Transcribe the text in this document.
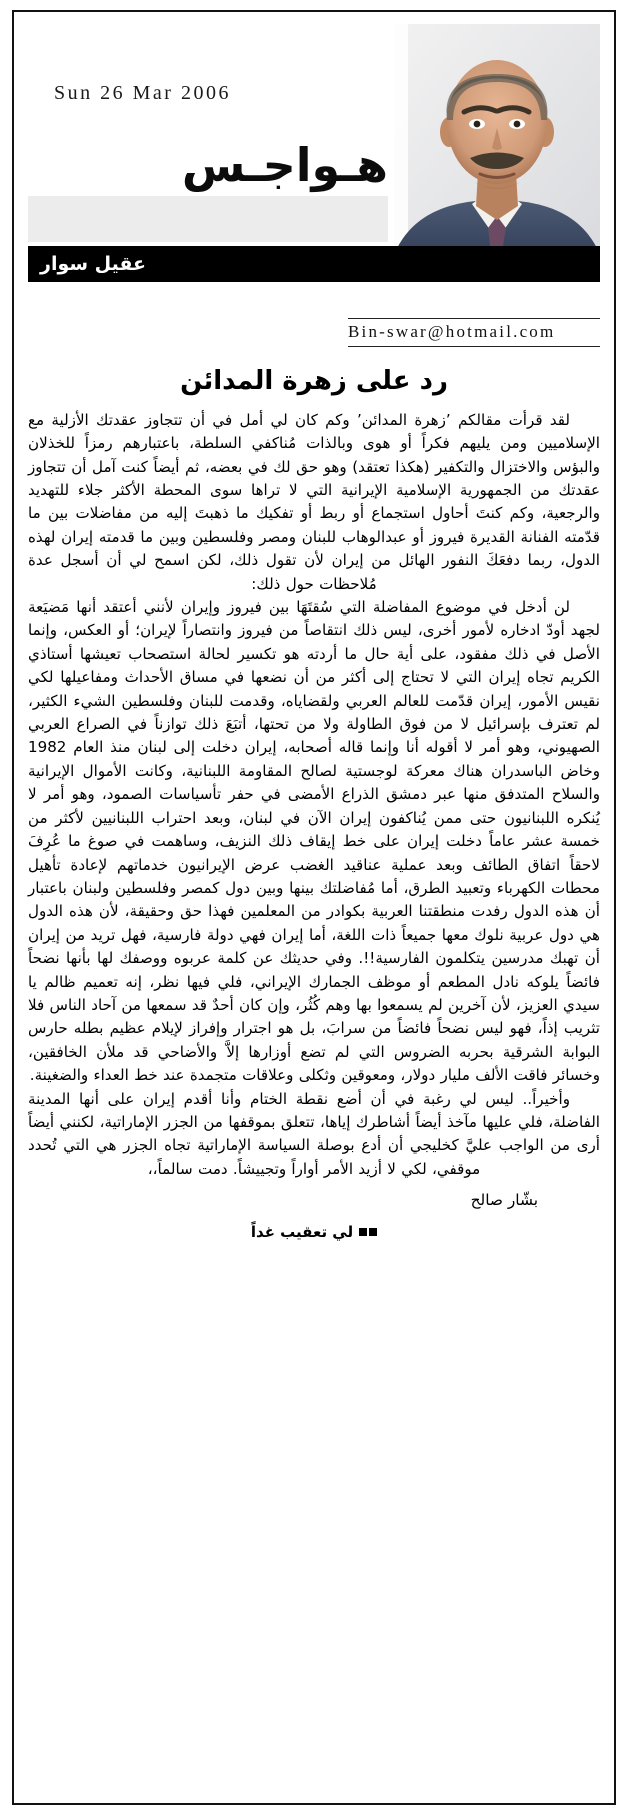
Sun 26 Mar 2006
هـواجـس
عقيل سوار
Bin-swar@hotmail.com
رد على زهرة المدائن

لقد قرأت مقالكم ٬زهرة المدائن٬ وكم كان لي أمل ﻓﻲ أن تتجاوز عقدتك الأزلية مع الإسلاميين ومن يليهم فكراً أو هوى وبالذات مُناكفي السلطة، باعتبارهم رمزاً للخذلان والبؤس والاختزال والتكفير (هكذا تعتقد) وهو حق لك ﻓﻲ بعضه، ثم أيضاً كنت آمل أن تتجاوز عقدتك من الجمهورية الإسلامية الإيرانية التي لا تراها سوى المحطة الأكثر جلاء للتهديد والرجعية، وكم كنتَ أحاول استجماع أو ربط أو تفكيك ما ذهبتَ إليه من مفاضلات بين ما قدّمته الفنانة القديرة فيروز أو عبدالوهاب للبنان ومصر وفلسطين وبين ما قدمته إيران لهذه الدول، ربما دفعَكَ النفور الهائل من إيران لأن تقول ذلك، لكن اسمح لي أن أسجل عدة مُلاحظات حول ذلك:

لن أدخل ﻓﻲ موضوع المفاضلة التي سُقتَهَا بين فيروز وإيران لأنني أعتقد أنها مَضيَعة لجهد أودّ ادخاره لأمور أخرى، ليس ذلك انتقاصاً من فيروز وانتصاراً لإيران؛ أو العكس، وإنما الأصل ﻓﻲ ذلك مفقود، على أية حال ما أردته هو تكسير لحالة استصحاب تعيشها أستاذي الكريم تجاه إيران التي لا تحتاج إلى أكثر من أن نضعها ﻓﻲ مساق الأحداث ومفاعيلها لكي نقيس الأمور، إيران قدّمت للعالم العربي ولقضاياه، وقدمت للبنان وفلسطين الشيء الكثير، لم تعترف بإسرائيل لا من فوق الطاولة ولا من تحتها، أتبَعَ ذلك توازناً ﻓﻲ الصراع العربي الصهيوني، وهو أمر لا أقوله أنا وإنما قاله أصحابه، إيران دخلت إلى لبنان منذ العام 1982 وخاض الباسدران هناك معركة لوجستية لصالح المقاومة اللبنانية، وكانت الأموال الإيرانية والسلاح المتدفق منها عبر دمشق الذراع الأمضى ﻓﻲ حفر تأسياسات الصمود، وهو أمر لا يُنكره اللبنانيون حتى ممن يُناكفون إيران الآن ﻓﻲ لبنان، وبعد احتراب اللبنانيين لأكثر من خمسة عشر عاماً دخلت إيران على خط إيقاف ذلك النزيف، وساهمت ﻓﻲ صوغ ما عُرِفَ لاحقاً اتفاق الطائف وبعد عملية عناقيد الغضب عرض الإيرانيون خدماتهم لإعادة تأهيل محطات الكهرباء وتعبيد الطرق، أما مُفاضلتك بينها وبين دول كمصر وفلسطين ولبنان باعتبار أن هذه الدول رفدت منطقتنا العربية بكوادر من المعلمين فهذا حق وحقيقة، لأن هذه الدول هي دول عربية نلوك معها جميعاً ذات اللغة، أما إيران فهي دولة فارسية، فهل تريد من إيران أن تهبك مدرسين يتكلمون الفارسية!!. وﻓﻲ حديثك عن كلمة عربوه ووصفك لها بأنها نضحاً فائضاً يلوكه نادل المطعم أو موظف الجمارك الإيراني، فلي فيها نظر، إنه تعميم ظالم يا سيدي العزيز، لأن آخرين لم يسمعوا بها وهم كُثُر، وإن كان أحدٌ قد سمعها من آحاد الناس فلا تثريب إذاً، فهو ليس نضحاً فائضاً من سرابَ، بل هو اجترار وإفراز لإيلام عظيم بطله حارس البوابة الشرقية بحربه الضروس التي لم تضع أوزارها إلاَّ والأضاحي قد ملأن الخافقين، وخسائر فاقت الألف مليار دولار، ومعوقين وثكلى وعلاقات متجمدة عند خط العداء والضغينة.

وأخيراً.. ليس لي رغبة ﻓﻲ أن أضع نقطة الختام وأنا أقدم إيران على أنها المدينة الفاضلة، فلي عليها مآخذ أيضاً أشاطرك إياها، تتعلق بموقفها من الجزر الإماراتية، لكنني أيضاً أرى من الواجب عليَّ كخليجي أن أدع بوصلة السياسة الإماراتية تجاه الجزر هي التي تُحدد موقفي، لكي لا أزيد الأمر أواراً وتجييشاً. دمت سالماً،،

بشّار صالح
لي تعقيب غداً
